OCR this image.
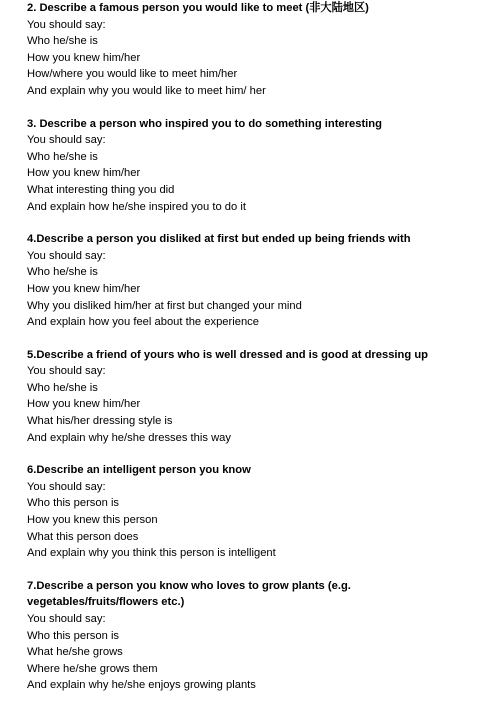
2. Describe a famous person you would like to meet (非大陆地区)
You should say:
Who he/she is
How you knew him/her
How/where you would like to meet him/her
And explain why you would like to meet him/ her
3. Describe a person who inspired you to do something interesting
You should say:
Who he/she is
How you knew him/her
What interesting thing you did
And explain how he/she inspired you to do it
4.Describe a person you disliked at first but ended up being friends with
You should say:
Who he/she is
How you knew him/her
Why you disliked him/her at first but changed your mind
And explain how you feel about the experience
5.Describe a friend of yours who is well dressed and is good at dressing up
You should say:
Who he/she is
How you knew him/her
What his/her dressing style is
And explain why he/she dresses this way
6.Describe an intelligent person you know
You should say:
Who this person is
How you knew this person
What this person does
And explain why you think this person is intelligent
7.Describe a person you know who loves to grow plants (e.g.
vegetables/fruits/flowers etc.)
You should say:
Who this person is
What he/she grows
Where he/she grows them
And explain why he/she enjoys growing plants
